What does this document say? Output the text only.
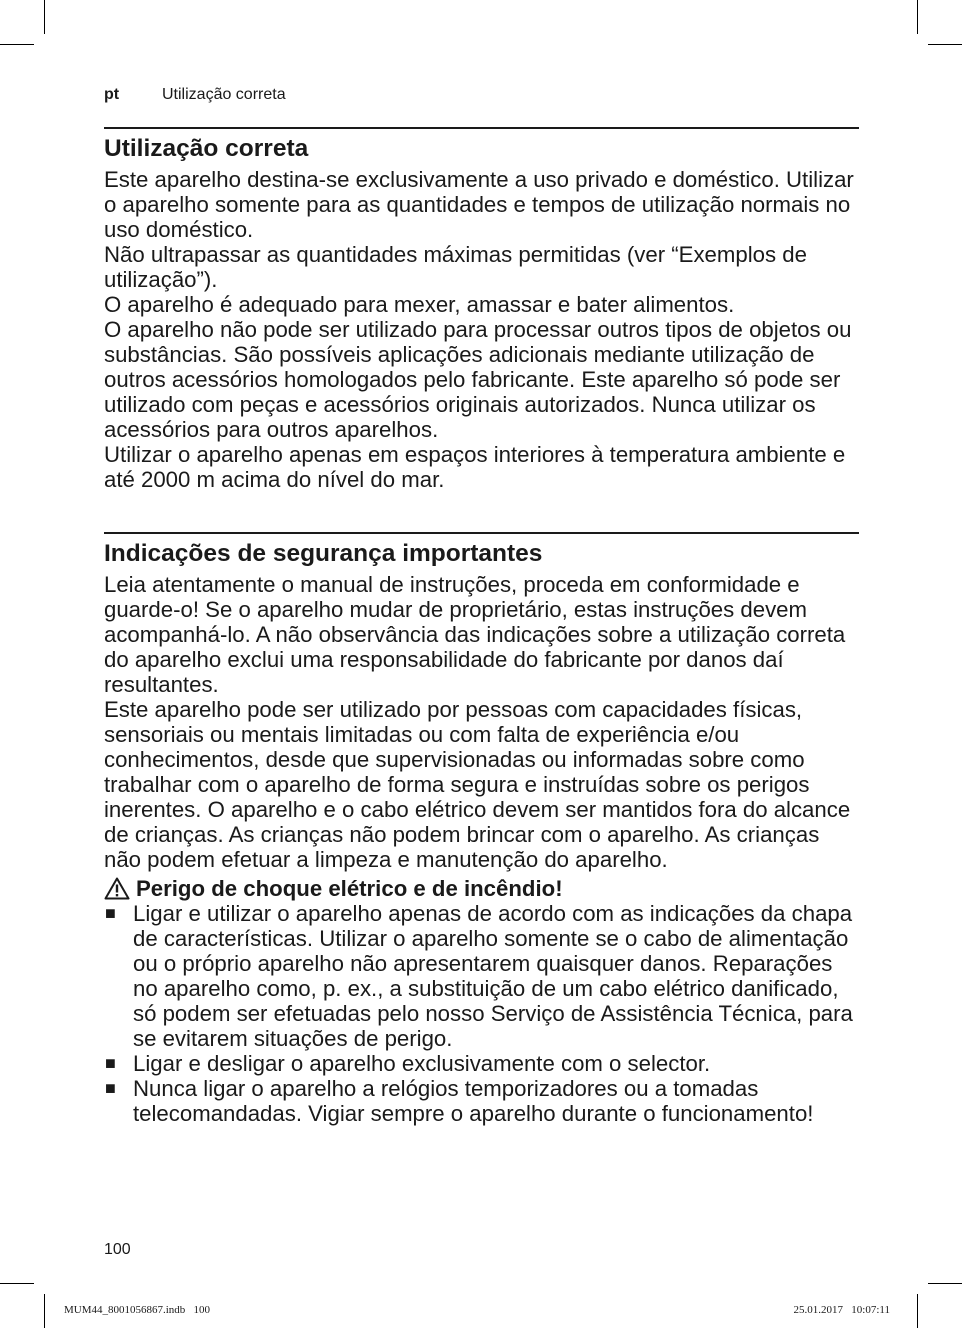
pt	Utilização correta
Utilização correta

Este aparelho destina-se exclusivamente a uso privado e doméstico. Utilizar o aparelho somente para as quantidades e tempos de utilização normais no uso doméstico.

Não ultrapassar as quantidades máximas permitidas (ver “Exemplos de utilização”).

O aparelho é adequado para mexer, amassar e bater alimentos.

O aparelho não pode ser utilizado para processar outros tipos de objetos ou substâncias. São possíveis aplicações adicionais mediante utilização de outros acessórios homologados pelo fabricante. Este aparelho só pode ser utilizado com peças e acessórios originais autorizados. Nunca utilizar os acessórios para outros aparelhos.

Utilizar o aparelho apenas em espaços interiores à temperatura ambiente e até 2000 m acima do nível do mar.

Indicações de segurança importantes

Leia atentamente o manual de instruções, proceda em conformidade e guarde-o! Se o aparelho mudar de proprietário, estas instruções devem acompanhá-lo. A não observância das indicações sobre a utilização correta do aparelho exclui uma responsabilidade do fabricante por danos daí resultantes.

Este aparelho pode ser utilizado por pessoas com capacidades físicas, sensoriais ou mentais limitadas ou com falta de experiência e/ou conhecimentos, desde que supervisionadas ou informadas sobre como trabalhar com o aparelho de forma segura e instruídas sobre os perigos inerentes. O aparelho e o cabo elétrico devem ser mantidos fora do alcance de crianças. As crianças não podem brincar com o aparelho. As crianças não podem efetuar a limpeza e manutenção do aparelho.

Perigo de choque elétrico e de incêndio!
■ Ligar e utilizar o aparelho apenas de acordo com as indicações da chapa de características. Utilizar o aparelho somente se o cabo de alimentação ou o próprio aparelho não apresentarem quaisquer danos. Reparações no aparelho como, p. ex., a substituição de um cabo elétrico danificado, só podem ser efetuadas pelo nosso Serviço de Assistência Técnica, para se evitarem situações de perigo.
■ Ligar e desligar o aparelho exclusivamente com o selector.
■ Nunca ligar o aparelho a relógios temporizadores ou a tomadas telecomandadas. Vigiar sempre o aparelho durante o funcionamento!
100
MUM44_8001056867.indb   100	25.01.2017   10:07:11
